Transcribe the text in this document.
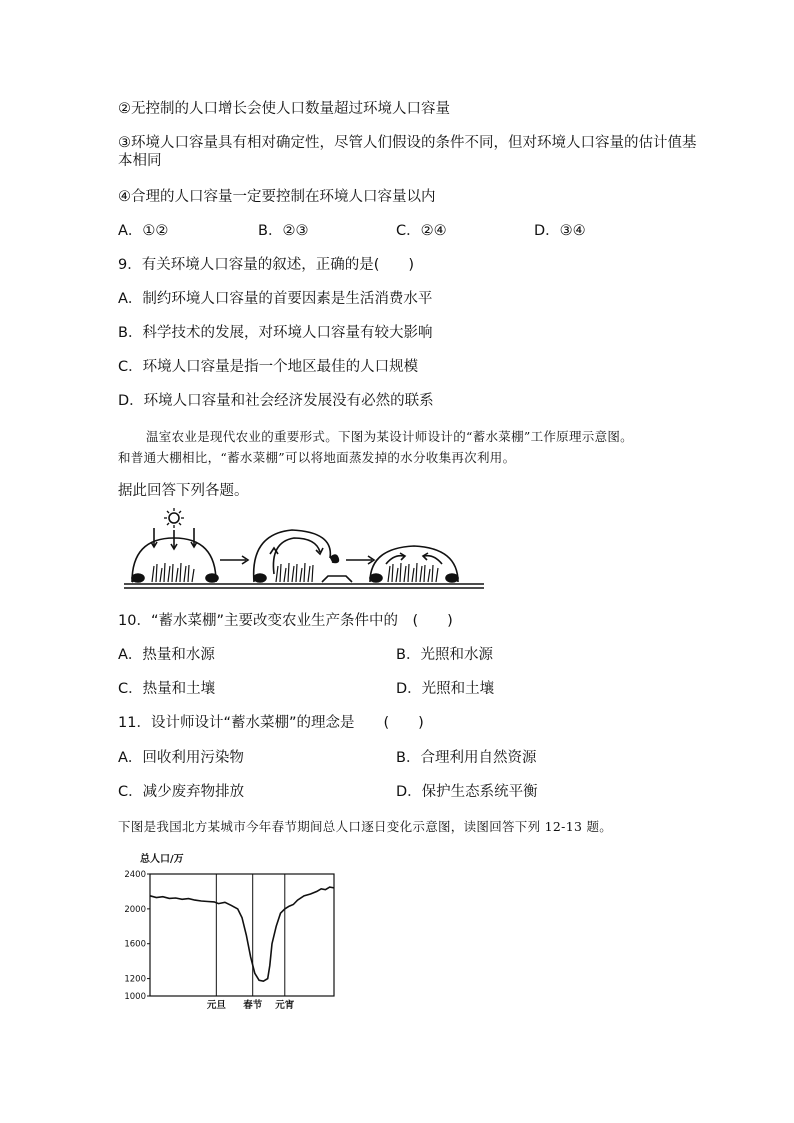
②无控制的人口增长会使人口数量超过环境人口容量
③环境人口容量具有相对确定性，尽管人们假设的条件不同，但对环境人口容量的估计值基
本相同
④合理的人口容量一定要控制在环境人口容量以内
A．①②	B．②③	C．②④	D．③④
9．有关环境人口容量的叙述，正确的是(　　)
A．制约环境人口容量的首要因素是生活消费水平
B．科学技术的发展，对环境人口容量有较大影响
C．环境人口容量是指一个地区最佳的人口规模
D．环境人口容量和社会经济发展没有必然的联系
温室农业是现代农业的重要形式。下图为某设计师设计的“蓄水菜棚”工作原理示意图。
和普通大棚相比，“蓄水菜棚”可以将地面蒸发掉的水分收集再次利用。
据此回答下列各题。
10．“蓄水菜棚”主要改变农业生产条件中的　(　　)
A．热量和水源	B．光照和水源
C．热量和土壤	D．光照和土壤
11．设计师设计“蓄水菜棚”的理念是　　(　　)
A．回收利用污染物	B．合理利用自然资源
C．减少废弃物排放	D．保护生态系统平衡
下图是我国北方某城市今年春节期间总人口逐日变化示意图，读图回答下列 12-13 题。
总人口/万
1000
1200
1600
2000
2400
元旦 春节 元宵
